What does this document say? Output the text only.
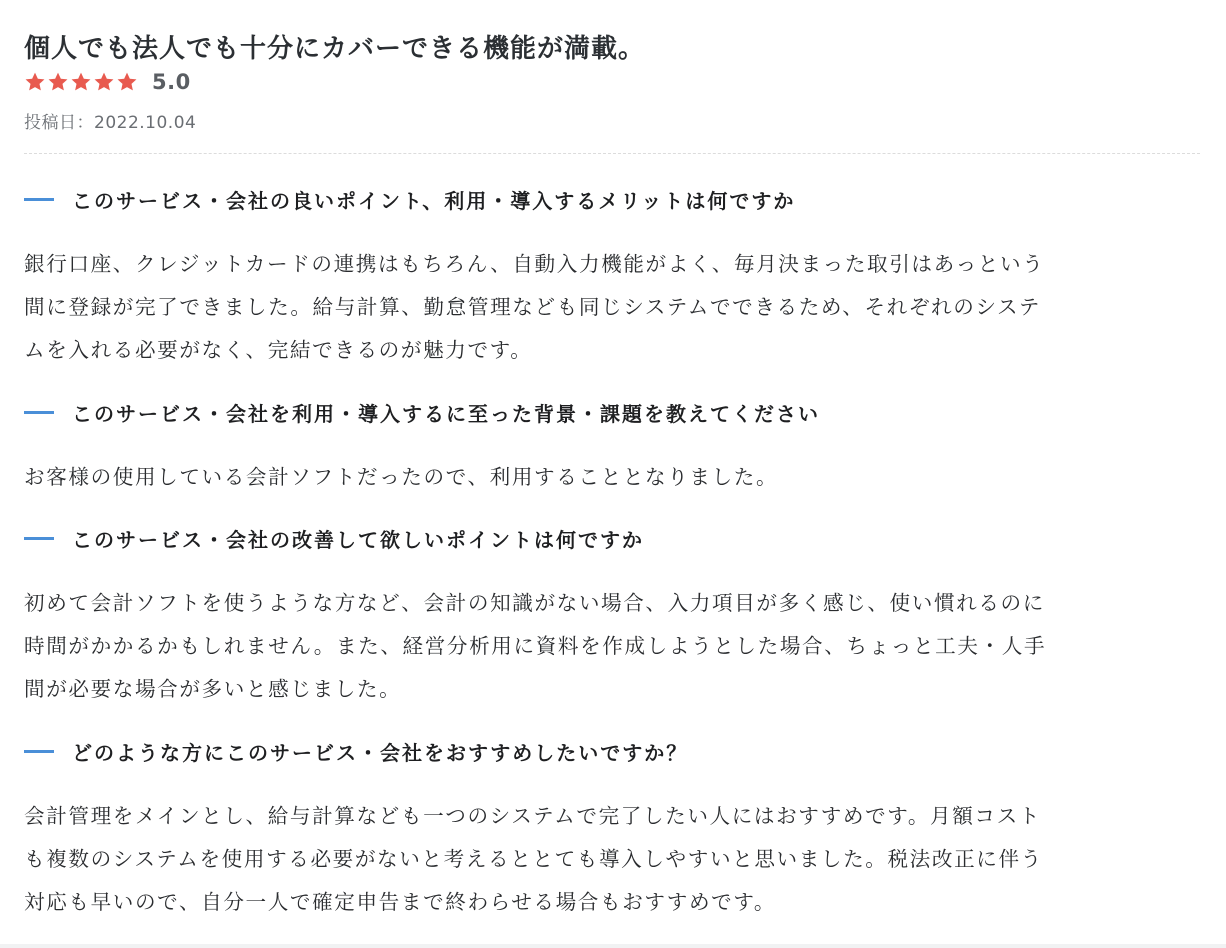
個人でも法人でも十分にカバーできる機能が満載。
5.0
投稿日：2022.10.04
このサービス・会社の良いポイント、利用・導入するメリットは何ですか

銀行口座、クレジットカードの連携はもちろん、自動入力機能がよく、毎月決まった取引はあっという
間に登録が完了できました。給与計算、勤怠管理なども同じシステムでできるため、それぞれのシステ
ムを入れる必要がなく、完結できるのが魅力です。

このサービス・会社を利用・導入するに至った背景・課題を教えてください

お客様の使用している会計ソフトだったので、利用することとなりました。

このサービス・会社の改善して欲しいポイントは何ですか

初めて会計ソフトを使うような方など、会計の知識がない場合、入力項目が多く感じ、使い慣れるのに
時間がかかるかもしれません。また、経営分析用に資料を作成しようとした場合、ちょっと工夫・人手
間が必要な場合が多いと感じました。

どのような方にこのサービス・会社をおすすめしたいですか？

会計管理をメインとし、給与計算なども一つのシステムで完了したい人にはおすすめです。月額コスト
も複数のシステムを使用する必要がないと考えるととても導入しやすいと思いました。税法改正に伴う
対応も早いので、自分一人で確定申告まで終わらせる場合もおすすめです。
